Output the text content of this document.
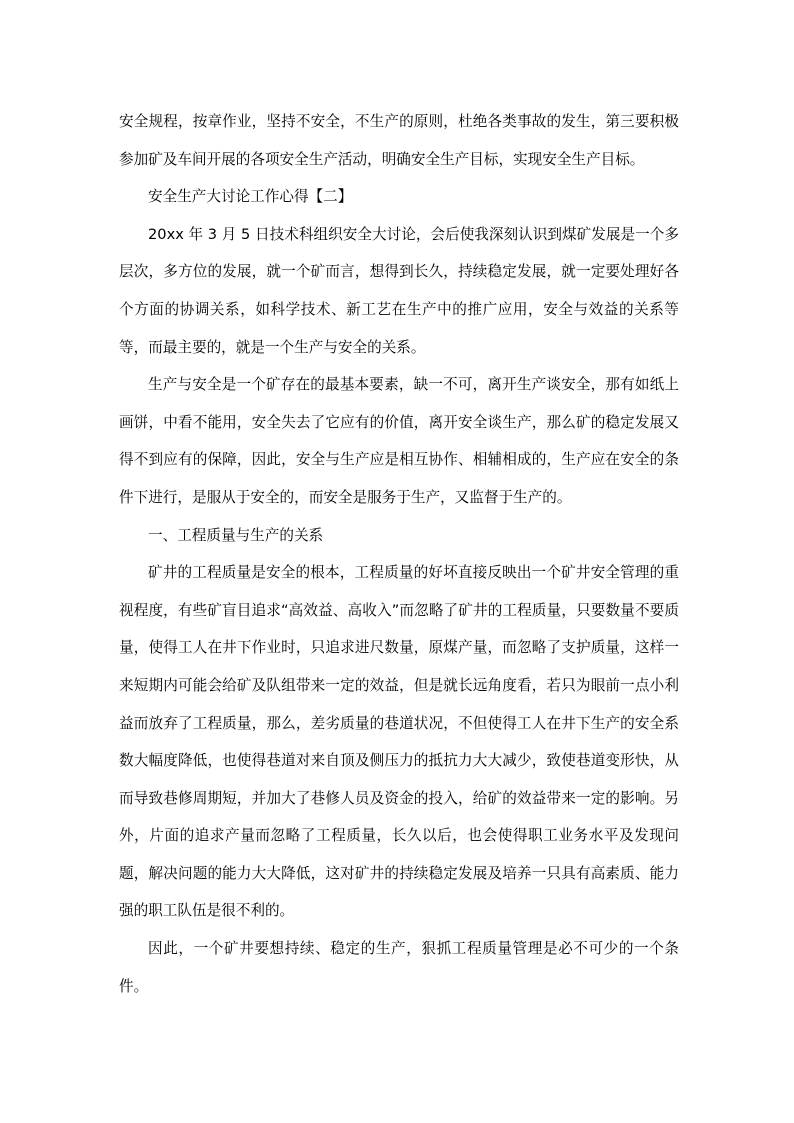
安全规程，按章作业，坚持不安全，不生产的原则，杜绝各类事故的发生，第三要积极参加矿及车间开展的各项安全生产活动，明确安全生产目标，实现安全生产目标。

安全生产大讨论工作心得【二】

20xx 年 3 月 5 日技术科组织安全大讨论，会后使我深刻认识到煤矿发展是一个多层次，多方位的发展，就一个矿而言，想得到长久，持续稳定发展，就一定要处理好各个方面的协调关系，如科学技术、新工艺在生产中的推广应用，安全与效益的关系等等，而最主要的，就是一个生产与安全的关系。

生产与安全是一个矿存在的最基本要素，缺一不可，离开生产谈安全，那有如纸上画饼，中看不能用，安全失去了它应有的价值，离开安全谈生产，那么矿的稳定发展又得不到应有的保障，因此，安全与生产应是相互协作、相辅相成的，生产应在安全的条件下进行，是服从于安全的，而安全是服务于生产，又监督于生产的。

一、工程质量与生产的关系

矿井的工程质量是安全的根本，工程质量的好坏直接反映出一个矿井安全管理的重视程度，有些矿盲目追求“高效益、高收入”而忽略了矿井的工程质量，只要数量不要质量，使得工人在井下作业时，只追求进尺数量，原煤产量，而忽略了支护质量，这样一来短期内可能会给矿及队组带来一定的效益，但是就长远角度看，若只为眼前一点小利益而放弃了工程质量，那么，差劣质量的巷道状况，不但使得工人在井下生产的安全系数大幅度降低，也使得巷道对来自顶及侧压力的抵抗力大大减少，致使巷道变形快，从而导致巷修周期短，并加大了巷修人员及资金的投入，给矿的效益带来一定的影响。另外，片面的追求产量而忽略了工程质量，长久以后，也会使得职工业务水平及发现问题，解决问题的能力大大降低，这对矿井的持续稳定发展及培养一只具有高素质、能力强的职工队伍是很不利的。

因此，一个矿井要想持续、稳定的生产，狠抓工程质量管理是必不可少的一个条件。
